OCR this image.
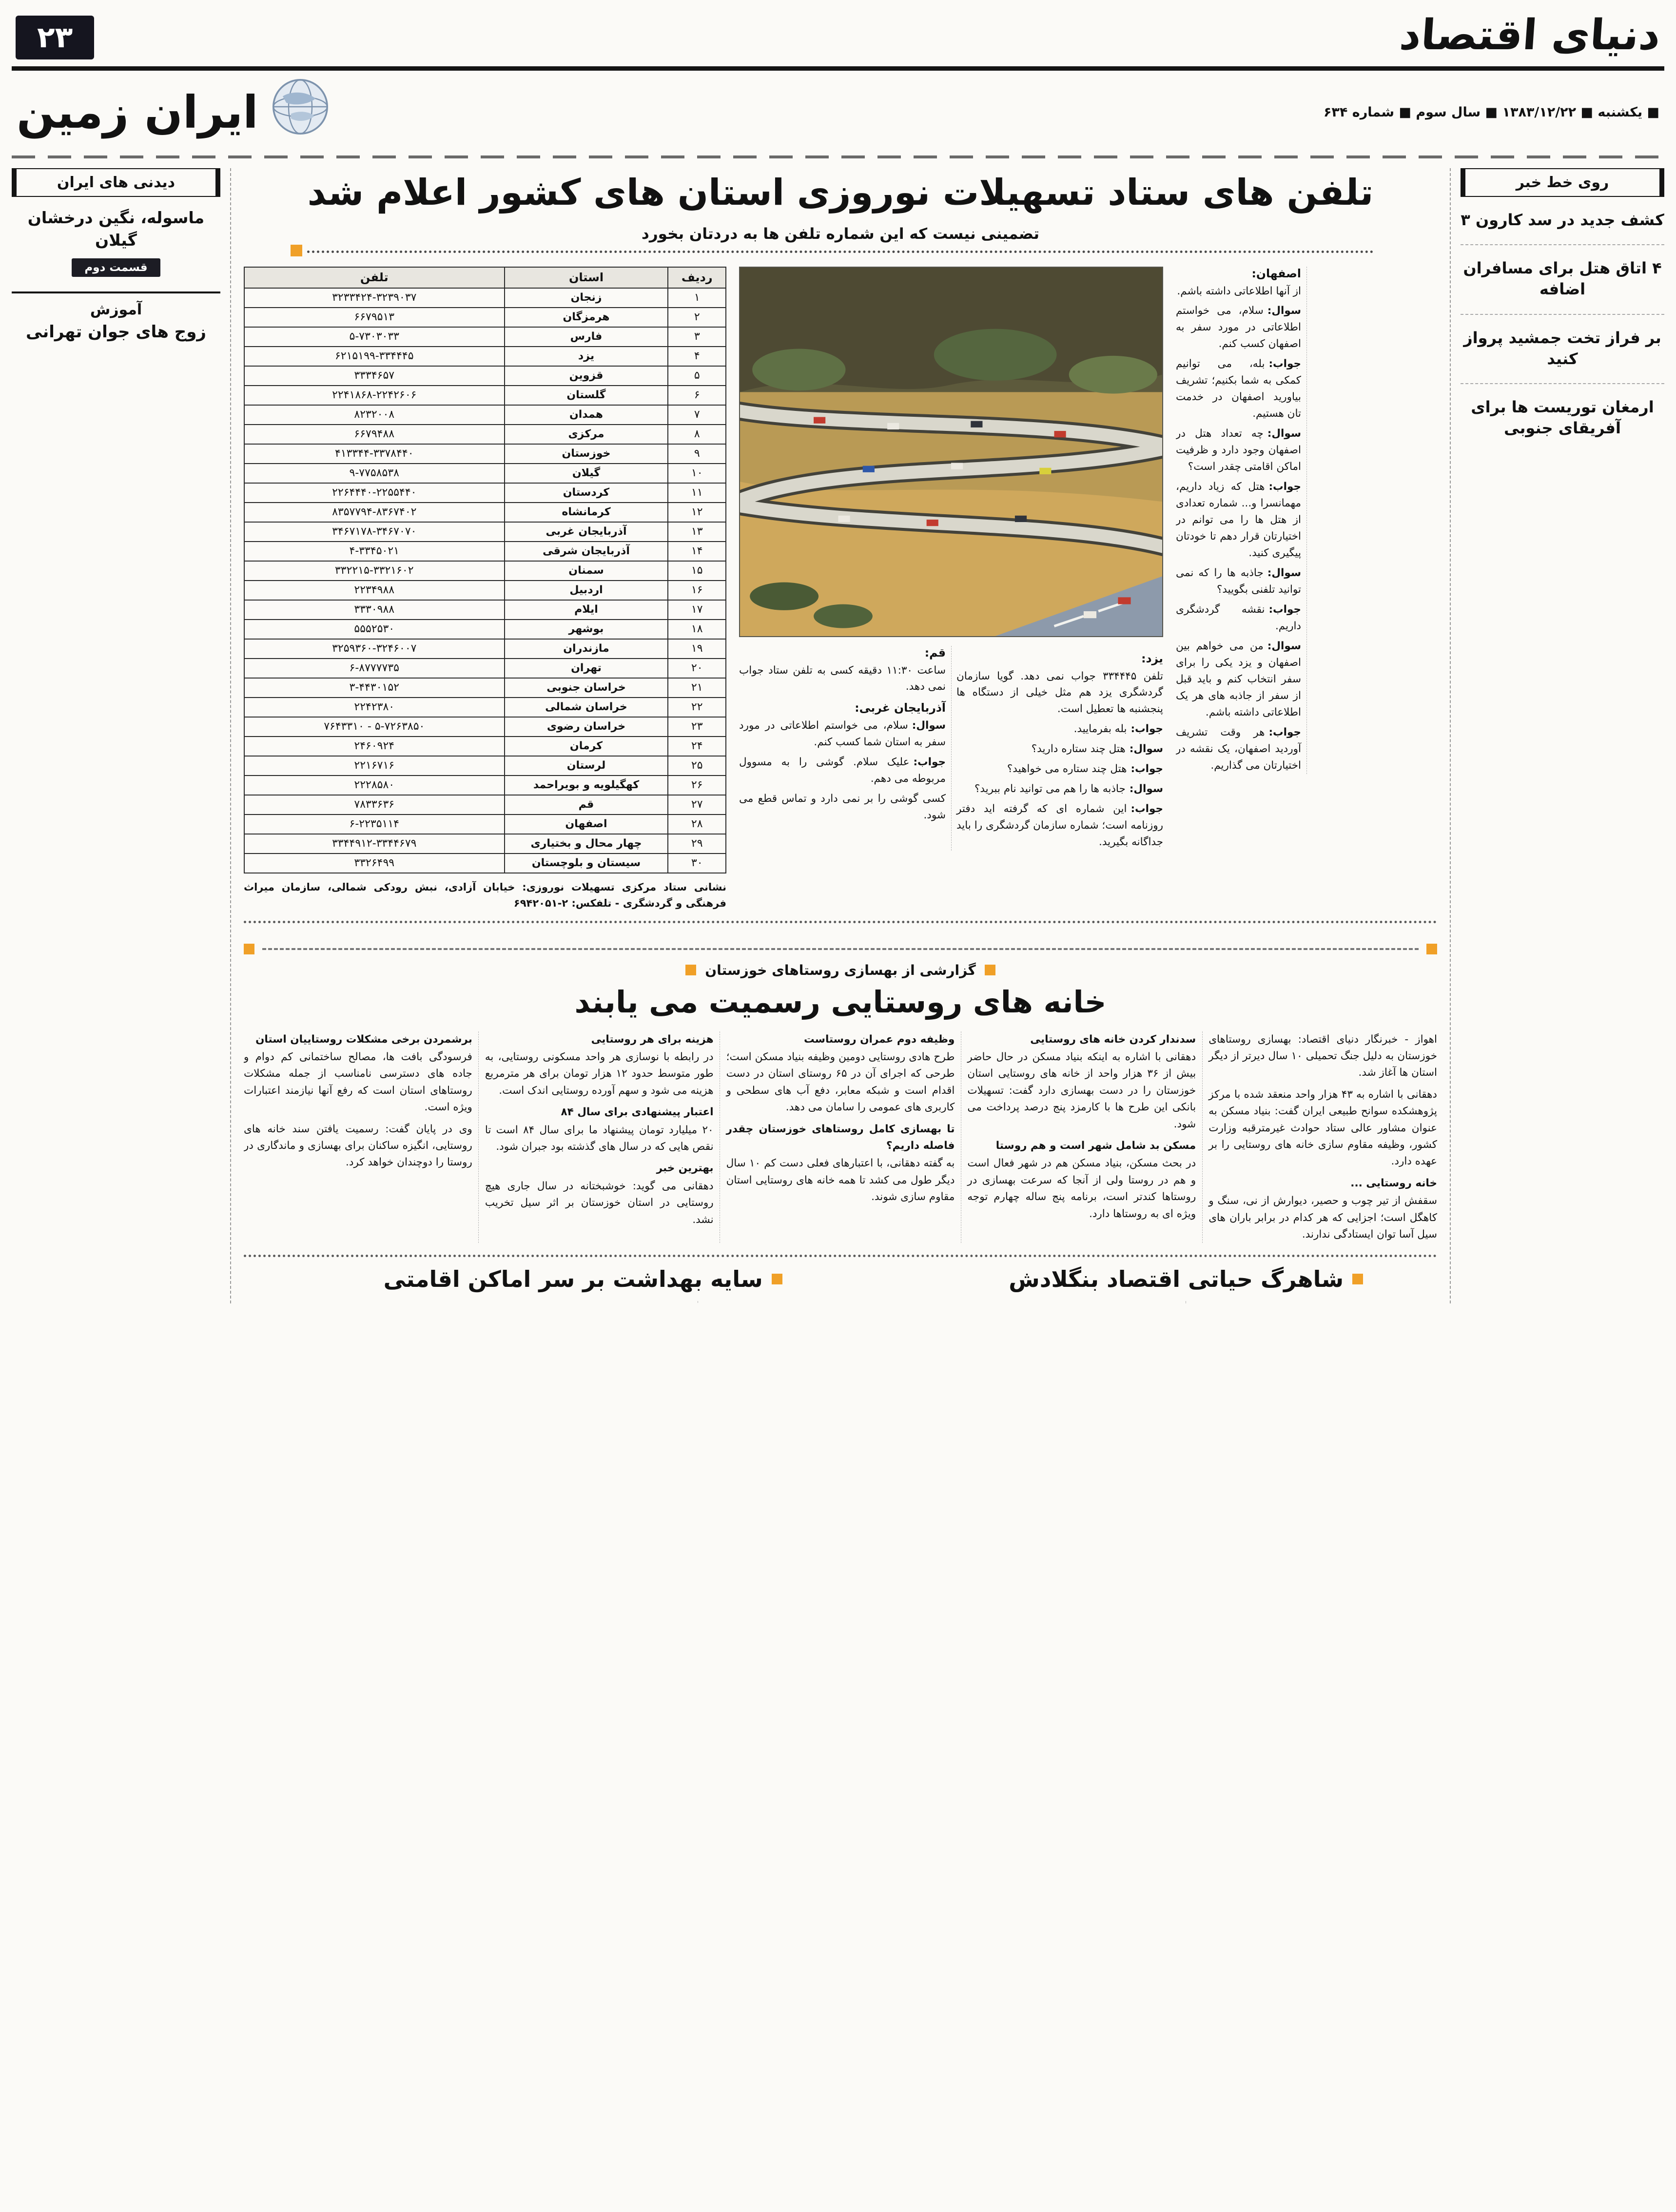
دنیای اقتصاد
۲۳
■ یکشنبه ■ ۱۳۸۳/۱۲/۲۲ ■ سال سوم ■ شماره ۶۳۴
ایران زمین
روی خط خبر
کشف جدید در سد کارون ۳

۴ اتاق هتل برای مسافران اضافه

بر فراز تخت جمشید پرواز کنید

ارمغان توریست ها برای آفریقای جنوبی

تلفن های ستاد تسهیلات نوروزی استان های کشور اعلام شد
تضمینی نیست که این شماره تلفن ها به دردتان بخورد

اصفهان:

از آنها اطلاعاتی داشته باشم.

سوال:سلام، می خواستم اطلاعاتی در مورد سفر به اصفهان کسب کنم.

جواب:بله، می توانیم کمکی به شما بکنیم؛ تشریف بیاورید اصفهان در خدمت تان هستیم.

سوال:چه تعداد هتل در اصفهان وجود دارد و ظرفیت اماکن اقامتی چقدر است؟

جواب:هتل که زیاد داریم، مهمانسرا و... شماره تعدادی از هتل ها را می توانم در اختیارتان قرار دهم تا خودتان پیگیری کنید.

سوال:جاذبه ها را که نمی توانید تلفنی بگویید؟

جواب:نقشه گردشگری داریم.

سوال:من می خواهم بین اصفهان و یزد یکی را برای سفر انتخاب کنم و باید قبل از سفر از جاذبه های هر یک اطلاعاتی داشته باشم.

جواب:هر وقت تشریف آوردید اصفهان، یک نقشه در اختیارتان می گذاریم.

یزد:

تلفن ۳۳۴۴۴۵ جواب نمی دهد. گویا سازمان گردشگری یزد هم مثل خیلی از دستگاه ها پنجشنبه ها تعطیل است.

جواب:بله بفرمایید.

سوال:هتل چند ستاره دارید؟

جواب:هتل چند ستاره می خواهید؟

سوال:جاذبه ها را هم می توانید نام ببرید؟

جواب:این شماره ای که گرفته اید دفتر روزنامه است؛ شماره سازمان گردشگری را باید جداگانه بگیرید.

قم:

ساعت ۱۱:۳۰ دقیقه کسی به تلفن ستاد جواب نمی دهد.

آذربایجان غربی:

سوال:سلام، می خواستم اطلاعاتی در مورد سفر به استان شما کسب کنم.

جواب:علیک سلام. گوشی را به مسوول مربوطه می دهم.

کسی گوشی را بر نمی دارد و تماس قطع می شود.

ردیف	استان	تلفن
۱	زنجان	۳۲۳۳۴۲۴-۳۲۳۹۰۳۷
۲	هرمزگان	۶۶۷۹۵۱۳
۳	فارس	۵-۷۳۰۳۰۳۳
۴	یزد	۶۲۱۵۱۹۹-۳۳۴۴۴۵
۵	قزوین	۳۳۳۴۶۵۷
۶	گلستان	۲۲۴۱۸۶۸-۲۲۴۲۶۰۶
۷	همدان	۸۲۳۲۰۰۸
۸	مرکزی	۶۶۷۹۴۸۸
۹	خوزستان	۴۱۳۳۴۴-۳۳۷۸۴۴۰
۱۰	گیلان	۹-۷۷۵۸۵۳۸
۱۱	کردستان	۲۲۶۴۴۴۰-۲۲۵۵۴۴۰
۱۲	کرمانشاه	۸۳۵۷۷۹۴-۸۳۶۷۴۰۲
۱۳	آذربایجان غربی	۳۴۶۷۱۷۸-۳۴۶۷۰۷۰
۱۴	آذربایجان شرقی	۴-۳۳۴۵۰۲۱
۱۵	سمنان	۳۳۲۲۱۵-۳۳۲۱۶۰۲
۱۶	اردبیل	۲۲۳۴۹۸۸
۱۷	ایلام	۳۳۳۰۹۸۸
۱۸	بوشهر	۵۵۵۲۵۳۰
۱۹	مازندران	۳۲۵۹۳۶۰-۳۲۴۶۰۰۷
۲۰	تهران	۶-۸۷۷۷۷۳۵
۲۱	خراسان جنوبی	۳-۴۴۳۰۱۵۲
۲۲	خراسان شمالی	۲۲۴۲۳۸۰
۲۳	خراسان رضوی	۷۶۴۳۳۱۰ - ۵-۷۲۶۳۸۵۰
۲۴	کرمان	۲۴۶۰۹۲۴
۲۵	لرستان	۲۲۱۶۷۱۶
۲۶	کهگیلویه و بویراحمد	۲۲۲۸۵۸۰
۲۷	قم	۷۸۳۳۶۳۶
۲۸	اصفهان	۶-۲۲۳۵۱۱۴
۲۹	چهار محال و بختیاری	۳۳۴۴۹۱۲-۳۳۴۴۶۷۹
۳۰	سیستان و بلوچستان	۳۳۲۶۴۹۹

نشانی ستاد مرکزی تسهیلات نوروزی: خیابان آزادی، نبش رودکی شمالی، سازمان میراث فرهنگی و گردشگری - تلفکس: ۲-۶۹۴۲۰۵۱

گزارشی از بهسازی روستاهای خوزستان
خانه های روستایی رسمیت می یابند
اهواز - خبرنگار دنیای اقتصاد: بهسازی روستاهای خوزستان به دلیل جنگ تحمیلی ۱۰ سال دیرتر از دیگر استان ها آغاز شد.
دهقانی با اشاره به ۴۳ هزار واحد منعقد شده با مرکز پژوهشکده سوانح طبیعی ایران گفت: بنیاد مسکن به عنوان مشاور عالی ستاد حوادث غیرمترقبه وزارت کشور، وظیفه مقاوم سازی خانه های روستایی را بر عهده دارد.
خانه روستایی ...
سقفش از تیر چوب و حصیر، دیوارش از نی، سنگ و کاهگل است؛ اجزایی که هر کدام در برابر باران های سیل آسا توان ایستادگی ندارند.
سدندار کردن خانه های روستایی
دهقانی با اشاره به اینکه بنیاد مسکن در حال حاضر بیش از ۳۶ هزار واحد از خانه های روستایی استان خوزستان را در دست بهسازی دارد گفت: تسهیلات بانکی این طرح ها با کارمزد پنج درصد پرداخت می شود.
مسکن بد شامل شهر است و هم روستا
در بحث مسکن، بنیاد مسکن هم در شهر فعال است و هم در روستا ولی از آنجا که سرعت بهسازی در روستاها کندتر است، برنامه پنج ساله چهارم توجه ویژه ای به روستاها دارد.
وظیفه دوم عمران روستاست
طرح هادی روستایی دومین وظیفه بنیاد مسکن است؛ طرحی که اجرای آن در ۶۵ روستای استان در دست اقدام است و شبکه معابر، دفع آب های سطحی و کاربری های عمومی را سامان می دهد.
تا بهسازی کامل روستاهای خوزستان چقدر فاصله داریم؟
به گفته دهقانی، با اعتبارهای فعلی دست کم ۱۰ سال دیگر طول می کشد تا همه خانه های روستایی استان مقاوم سازی شوند.
هزینه برای هر روستایی
در رابطه با نوسازی هر واحد مسکونی روستایی، به طور متوسط حدود ۱۲ هزار تومان برای هر مترمربع هزینه می شود و سهم آورده روستایی اندک است.
اعتبار پیشنهادی برای سال ۸۴
۲۰ میلیارد تومان پیشنهاد ما برای سال ۸۴ است تا نقص هایی که در سال های گذشته بود جبران شود.
بهترین خبر
دهقانی می گوید: خوشبختانه در سال جاری هیچ روستایی در استان خوزستان بر اثر سیل تخریب نشد.
برشمردن برخی مشکلات روستاییان استان
فرسودگی بافت ها، مصالح ساختمانی کم دوام و جاده های دسترسی نامناسب از جمله مشکلات روستاهای استان است که رفع آنها نیازمند اعتبارات ویژه است.
وی در پایان گفت: رسمیت یافتن سند خانه های روستایی، انگیزه ساکنان برای بهسازی و ماندگاری در روستا را دوچندان خواهد کرد.
شاهرگ حیاتی اقتصاد بنگلادش

سایه بهداشت بر سر اماکن اقامتی

دیدنی های ایران
ماسوله، نگین درخشان گیلان
قسمت دوم

آموزش
زوج های جوان تهرانی
